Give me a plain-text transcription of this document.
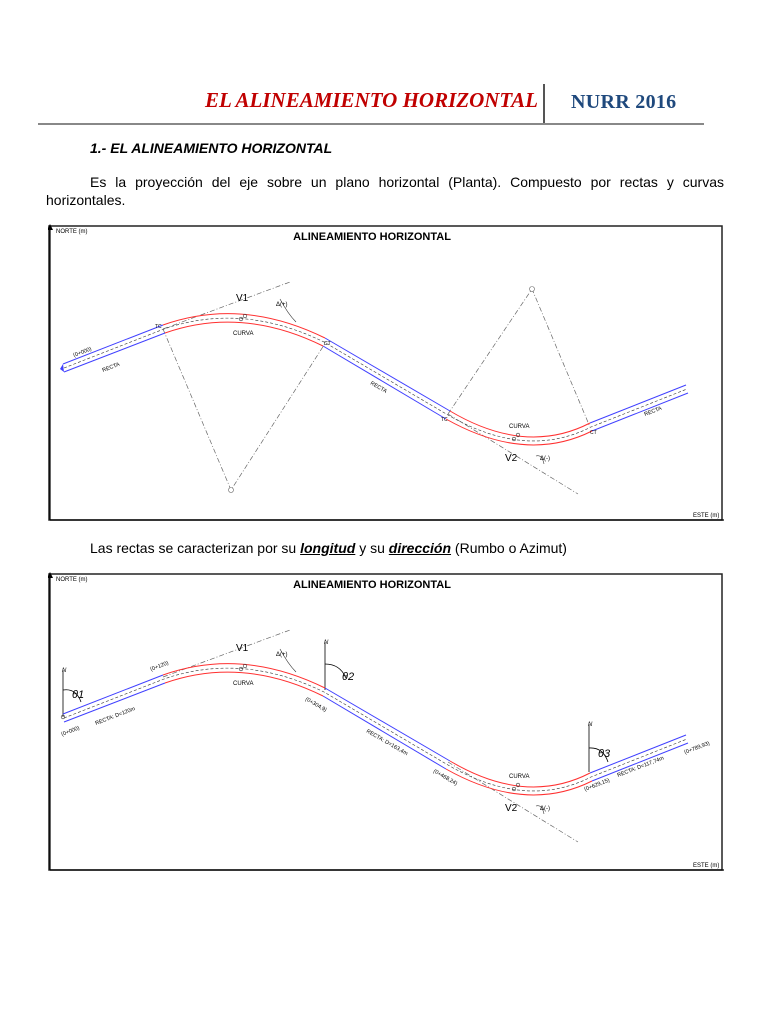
EL ALINEAMIENTO HORIZONTAL NURR 2016
1.- EL ALINEAMIENTO HORIZONTAL
Es la proyección del eje sobre un plano horizontal (Planta). Compuesto por rectas y curvas horizontales.
NORTE (m)
ESTE (m)
ALINEAMIENTO HORIZONTAL
V1
Δ(+)
CURVA
CURVA
V2	Δ(-)
TC
CT
TC
CT
(0+000)
RECTA
RECTA
RECTA
Las rectas se caracterizan por su longitud y su dirección (Rumbo o Azimut)
NORTE (m)
ESTE (m)
ALINEAMIENTO HORIZONTAL
N
N
N
θ1
θ2
θ3
V1
Δ(+)
CURVA
CURVA
V2	Δ(-)
(0+000)
RECTA: D=120m
(0+120)
(0+304,9)
RECTA: D=163,4m
(0+468,24)	(0+629,15)
RECTA: D=117,74m
(0+789,93)
